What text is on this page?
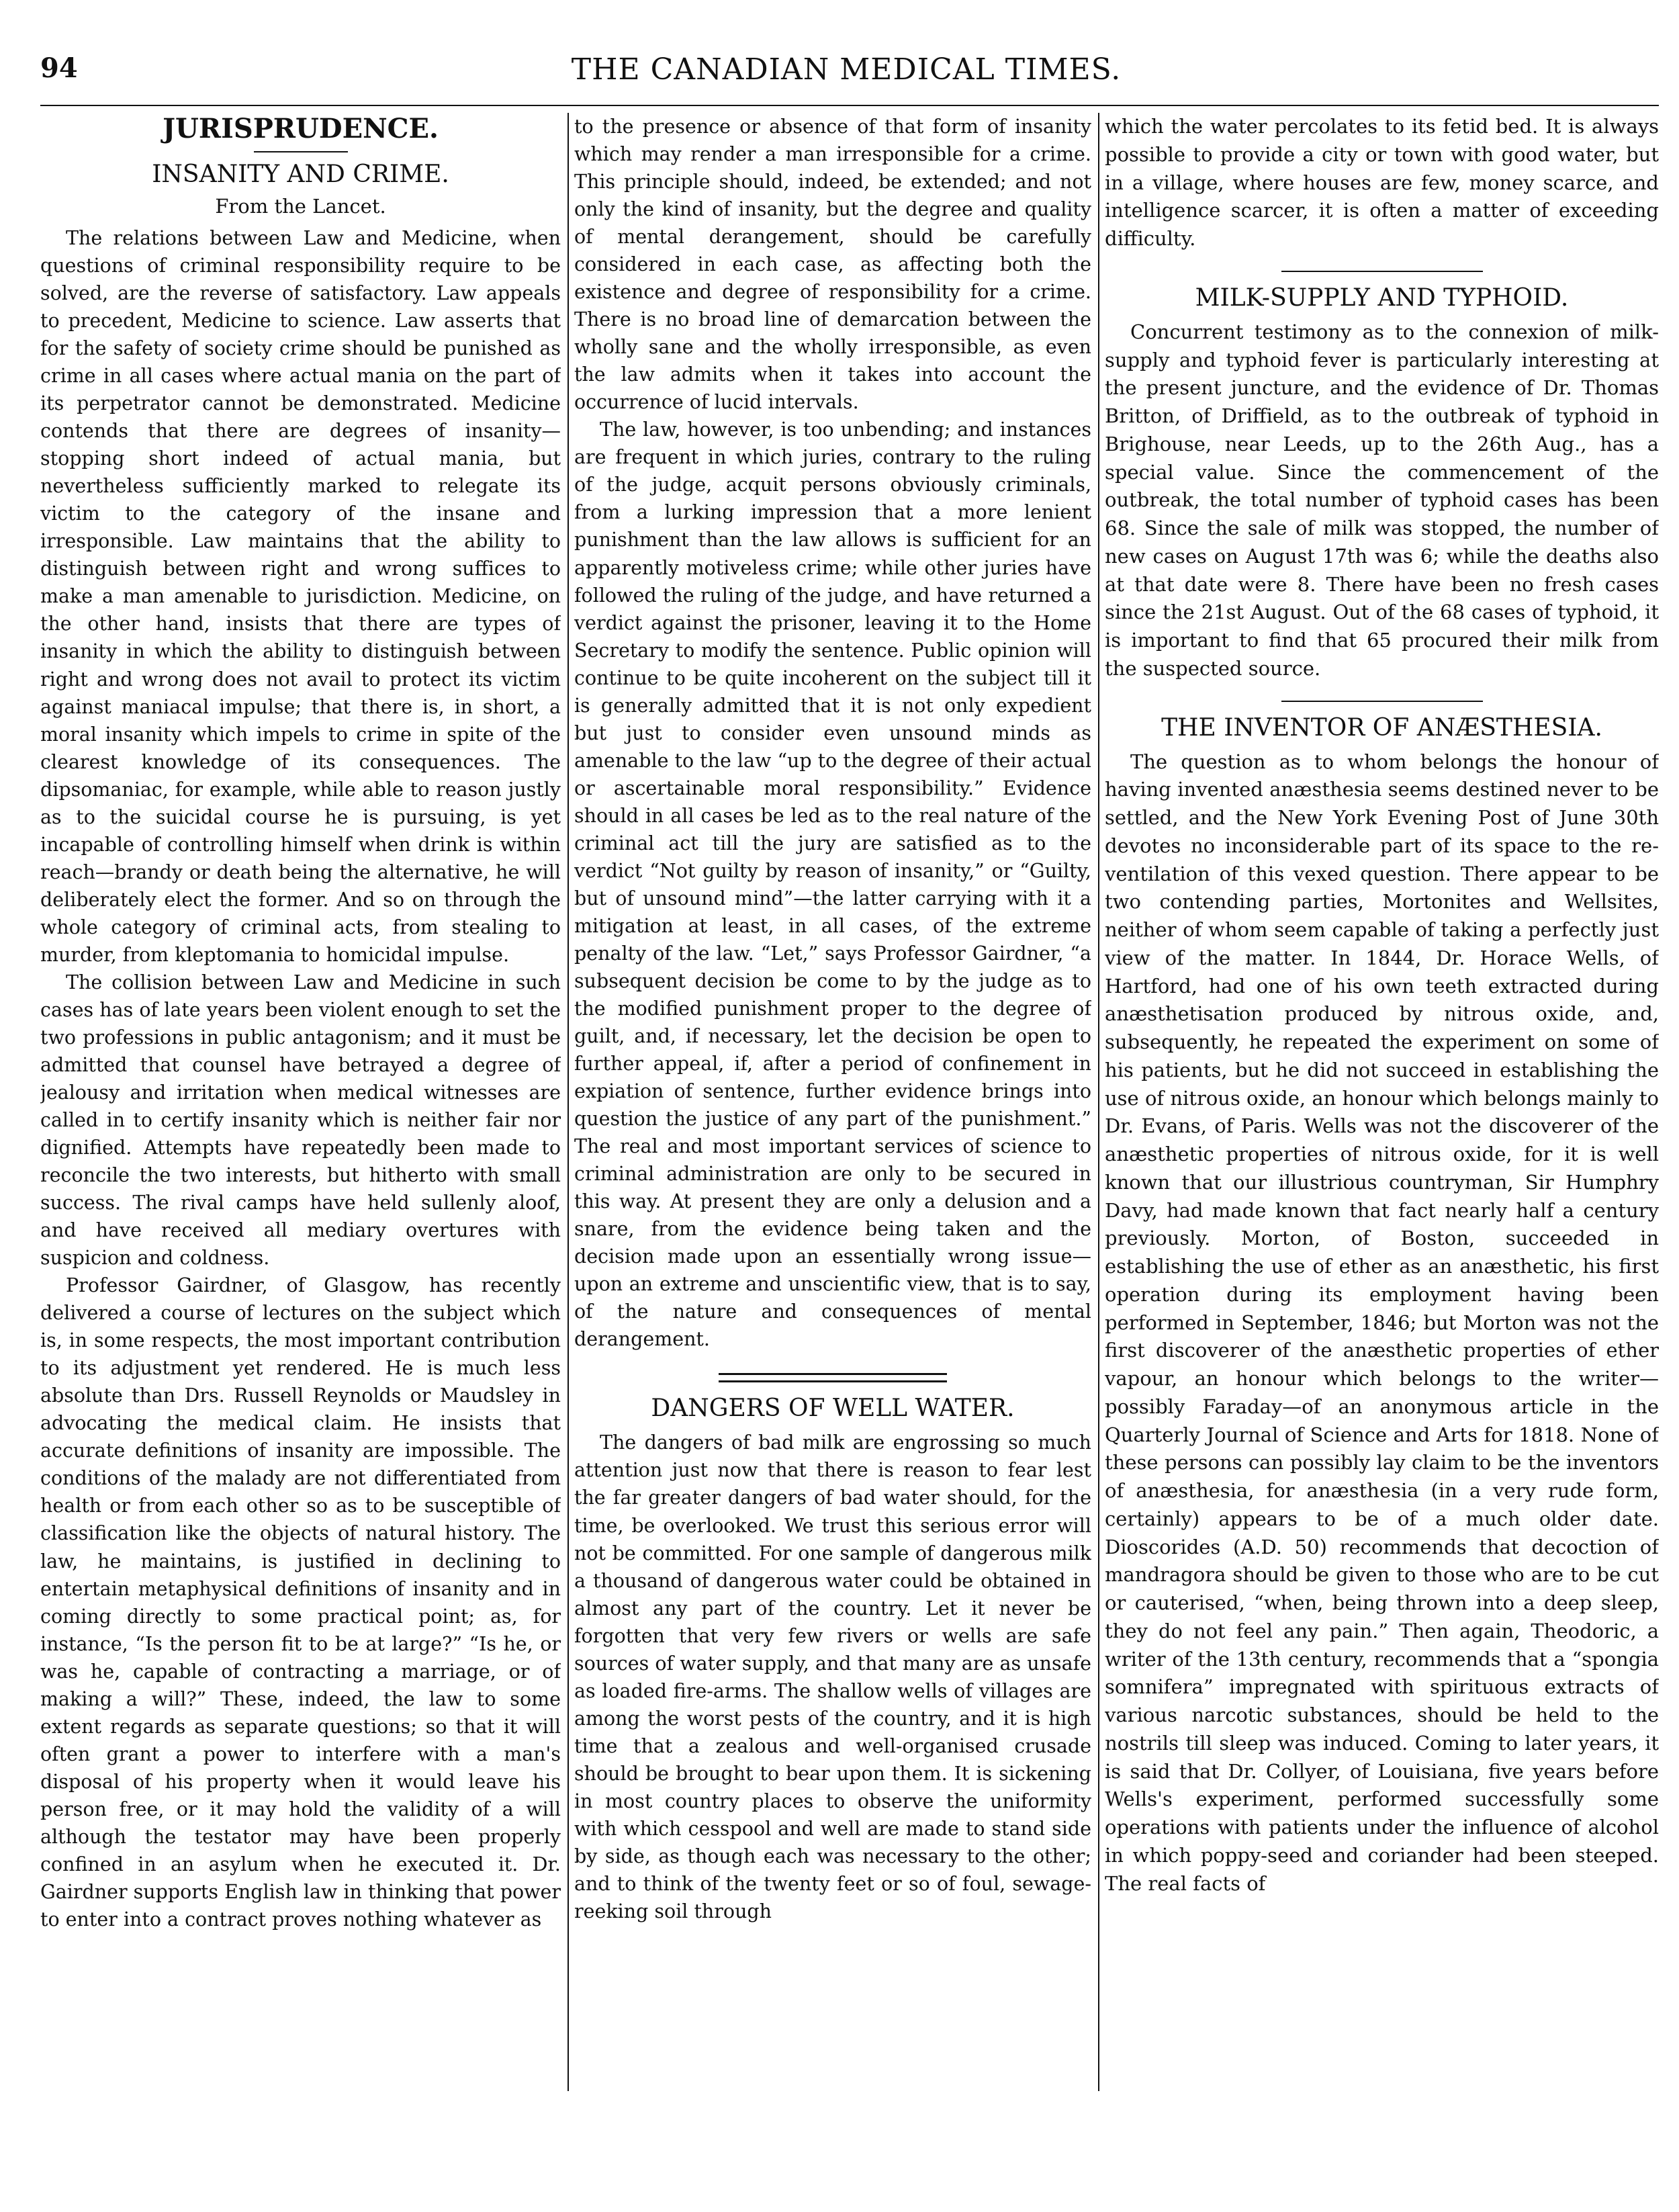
94	THE CANADIAN MEDICAL TIMES.
JURISPRUDENCE.
INSANITY AND CRIME.
From the Lancet.

The relations between Law and Medicine, when questions of criminal responsibility require to be solved, are the reverse of satisfactory. Law appeals to precedent, Medicine to science. Law asserts that for the safety of society crime should be punished as crime in all cases where actual mania on the part of its perpetrator cannot be demonstrated. Medicine contends that there are degrees of insanity—stopping short indeed of actual mania, but nevertheless sufficiently marked to relegate its victim to the category of the insane and irresponsible. Law maintains that the ability to distinguish between right and wrong suffices to make a man amenable to jurisdiction. Medicine, on the other hand, insists that there are types of insanity in which the ability to distinguish between right and wrong does not avail to protect its victim against maniacal impulse; that there is, in short, a moral insanity which impels to crime in spite of the clearest knowledge of its consequences. The dipsomaniac, for example, while able to reason justly as to the suicidal course he is pursuing, is yet incapable of controlling himself when drink is within reach—brandy or death being the alternative, he will deliberately elect the former. And so on through the whole category of criminal acts, from stealing to murder, from kleptomania to homicidal impulse.

The collision between Law and Medicine in such cases has of late years been violent enough to set the two professions in public antagonism; and it must be admitted that counsel have betrayed a degree of jealousy and irritation when medical witnesses are called in to certify insanity which is neither fair nor dignified. Attempts have repeatedly been made to reconcile the two interests, but hitherto with small success. The rival camps have held sullenly aloof, and have received all mediary overtures with suspicion and coldness.

Professor Gairdner, of Glasgow, has recently delivered a course of lectures on the subject which is, in some respects, the most important contribution to its adjustment yet rendered. He is much less absolute than Drs. Russell Reynolds or Maudsley in advocating the medical claim. He insists that accurate definitions of insanity are impossible. The conditions of the malady are not differentiated from health or from each other so as to be susceptible of classification like the objects of natural history. The law, he maintains, is justified in declining to entertain metaphysical definitions of insanity and in coming directly to some practical point; as, for instance, “Is the person fit to be at large?” “Is he, or was he, capable of contracting a marriage, or of making a will?” These, indeed, the law to some extent regards as separate questions; so that it will often grant a power to interfere with a man's disposal of his property when it would leave his person free, or it may hold the validity of a will although the testator may have been properly confined in an asylum when he executed it. Dr. Gairdner supports English law in thinking that power to enter into a contract proves nothing whatever as

to the presence or absence of that form of insanity which may render a man irresponsible for a crime. This principle should, indeed, be extended; and not only the kind of insanity, but the degree and quality of mental derangement, should be carefully considered in each case, as affecting both the existence and degree of responsibility for a crime. There is no broad line of demarcation between the wholly sane and the wholly irresponsible, as even the law admits when it takes into account the occurrence of lucid intervals.

The law, however, is too unbending; and instances are frequent in which juries, contrary to the ruling of the judge, acquit persons obviously criminals, from a lurking impression that a more lenient punishment than the law allows is sufficient for an apparently motiveless crime; while other juries have followed the ruling of the judge, and have returned a verdict against the prisoner, leaving it to the Home Secretary to modify the sentence. Public opinion will continue to be quite incoherent on the subject till it is generally admitted that it is not only expedient but just to consider even unsound minds as amenable to the law “up to the degree of their actual or ascertainable moral responsibility.” Evidence should in all cases be led as to the real nature of the criminal act till the jury are satisfied as to the verdict “Not guilty by reason of insanity,” or “Guilty, but of unsound mind”—the latter carrying with it a mitigation at least, in all cases, of the extreme penalty of the law. “Let,” says Professor Gairdner, “a subsequent decision be come to by the judge as to the modified punishment proper to the degree of guilt, and, if necessary, let the decision be open to further appeal, if, after a period of confinement in expiation of sentence, further evidence brings into question the justice of any part of the punishment.” The real and most important services of science to criminal administration are only to be secured in this way. At present they are only a delusion and a snare, from the evidence being taken and the decision made upon an essentially wrong issue—upon an extreme and unscientific view, that is to say, of the nature and consequences of mental derangement.

DANGERS OF WELL WATER.

The dangers of bad milk are engrossing so much attention just now that there is reason to fear lest the far greater dangers of bad water should, for the time, be overlooked. We trust this serious error will not be committed. For one sample of dangerous milk a thousand of dangerous water could be obtained in almost any part of the country. Let it never be forgotten that very few rivers or wells are safe sources of water supply, and that many are as unsafe as loaded fire-arms. The shallow wells of villages are among the worst pests of the country, and it is high time that a zealous and well-organised crusade should be brought to bear upon them. It is sickening in most country places to observe the uniformity with which cesspool and well are made to stand side by side, as though each was necessary to the other; and to think of the twenty feet or so of foul, sewage-reeking soil through

which the water percolates to its fetid bed. It is always possible to provide a city or town with good water, but in a village, where houses are few, money scarce, and intelligence scarcer, it is often a matter of exceeding difficulty.

MILK-SUPPLY AND TYPHOID.

Concurrent testimony as to the connexion of milk-supply and typhoid fever is particularly interesting at the present juncture, and the evidence of Dr. Thomas Britton, of Driffield, as to the outbreak of typhoid in Brighouse, near Leeds, up to the 26th Aug., has a special value. Since the commencement of the outbreak, the total number of typhoid cases has been 68. Since the sale of milk was stopped, the number of new cases on August 17th was 6; while the deaths also at that date were 8. There have been no fresh cases since the 21st August. Out of the 68 cases of typhoid, it is important to find that 65 procured their milk from the suspected source.

THE INVENTOR OF ANÆSTHESIA.

The question as to whom belongs the honour of having invented anæsthesia seems destined never to be settled, and the New York Evening Post of June 30th devotes no inconsiderable part of its space to the re-ventilation of this vexed question. There appear to be two contending parties, Mortonites and Wellsites, neither of whom seem capable of taking a perfectly just view of the matter. In 1844, Dr. Horace Wells, of Hartford, had one of his own teeth extracted during anæsthetisation produced by nitrous oxide, and, subsequently, he repeated the experiment on some of his patients, but he did not succeed in establishing the use of nitrous oxide, an honour which belongs mainly to Dr. Evans, of Paris. Wells was not the discoverer of the anæsthetic properties of nitrous oxide, for it is well known that our illustrious countryman, Sir Humphry Davy, had made known that fact nearly half a century previously. Morton, of Boston, succeeded in establishing the use of ether as an anæsthetic, his first operation during its employment having been performed in September, 1846; but Morton was not the first discoverer of the anæsthetic properties of ether vapour, an honour which belongs to the writer—possibly Faraday—of an anonymous article in the Quarterly Journal of Science and Arts for 1818. None of these persons can possibly lay claim to be the inventors of anæsthesia, for anæsthesia (in a very rude form, certainly) appears to be of a much older date. Dioscorides (A.D. 50) recommends that decoction of mandragora should be given to those who are to be cut or cauterised, “when, being thrown into a deep sleep, they do not feel any pain.” Then again, Theodoric, a writer of the 13th century, recommends that a “spongia somnifera” impregnated with spirituous extracts of various narcotic substances, should be held to the nostrils till sleep was induced. Coming to later years, it is said that Dr. Collyer, of Louisiana, five years before Wells's experiment, performed successfully some operations with patients under the influence of alcohol in which poppy-seed and coriander had been steeped. The real facts of
